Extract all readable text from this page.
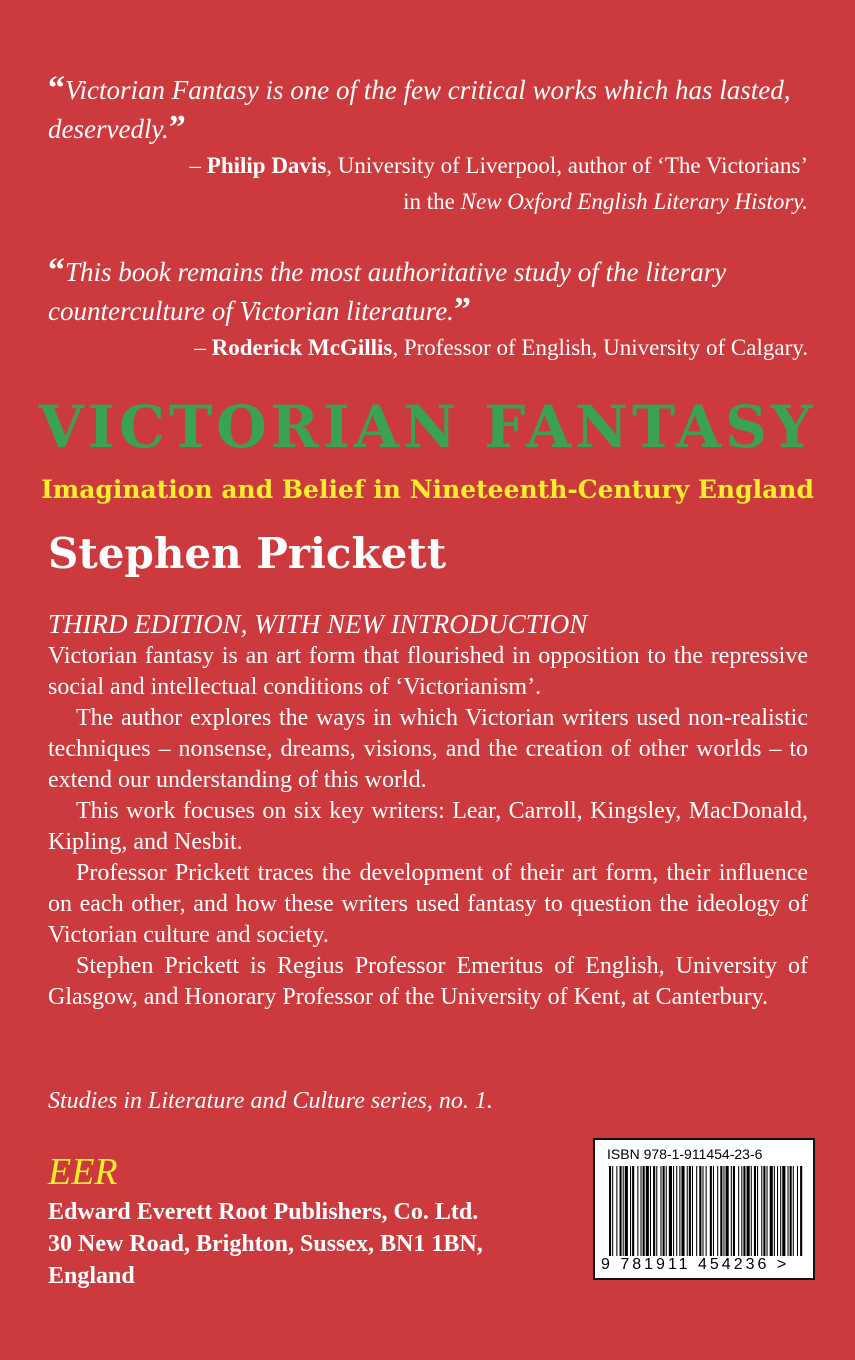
“Victorian Fantasy is one of the few critical works which has lasted, deservedly.”
– Philip Davis, University of Liverpool, author of ‘The Victorians’
in the New Oxford English Literary History.
“This book remains the most authoritative study of the literary counterculture of Victorian literature.”
– Roderick McGillis, Professor of English, University of Calgary.
VICTORIAN FANTASY
Imagination and Belief in Nineteenth-Century England
Stephen Prickett
THIRD EDITION, WITH NEW INTRODUCTION

Victorian fantasy is an art form that flourished in opposition to the repressive social and intellectual conditions of ‘Victorianism’.

The author explores the ways in which Victorian writers used non-realistic techniques – nonsense, dreams, visions, and the creation of other worlds – to extend our understanding of this world.

This work focuses on six key writers: Lear, Carroll, Kingsley, MacDonald, Kipling, and Nesbit.

Professor Prickett traces the development of their art form, their influence on each other, and how these writers used fantasy to question the ideology of Victorian culture and society.

Stephen Prickett is Regius Professor Emeritus of English, University of Glasgow, and Honorary Professor of the University of Kent, at Canterbury.

Studies in Literature and Culture series, no. 1.
EER
Edward Everett Root Publishers, Co. Ltd.
30 New Road, Brighton, Sussex, BN1 1BN,
England
ISBN 978-1-911454-23-6
9 781911 454236 >
